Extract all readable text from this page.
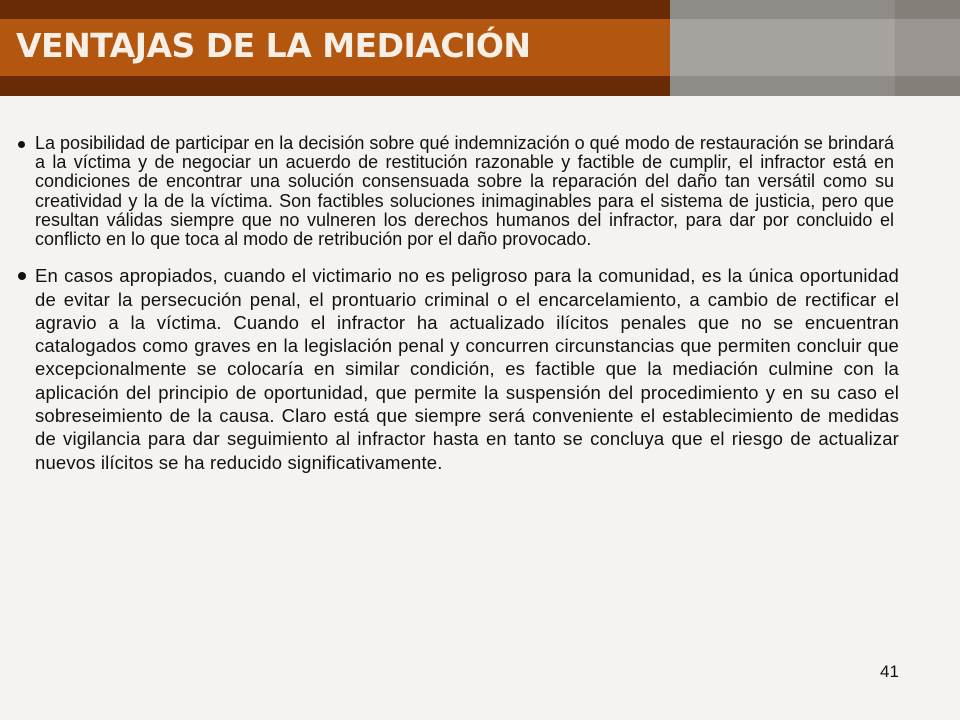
VENTAJAS DE LA MEDIACIÓN
La posibilidad de participar en la decisión sobre qué indemnización o qué modo de restauración se brindará a la víctima y de negociar un acuerdo de restitución razonable y factible de cumplir, el infractor está en condiciones de encontrar una solución consensuada sobre la reparación del daño tan versátil como su creatividad y la de la víctima. Son factibles soluciones inimaginables para el sistema de justicia, pero que resultan válidas siempre que no vulneren los derechos humanos del infractor, para dar por concluido el conflicto en lo que toca al modo de retribución por el daño provocado.
En casos apropiados, cuando el victimario no es peligroso para la comunidad, es la única oportunidad de evitar la persecución penal, el prontuario criminal o el encarcelamiento, a cambio de rectificar el agravio a la víctima. Cuando el infractor ha actualizado ilícitos penales que no se encuentran catalogados como graves en la legislación penal y concurren circunstancias que permiten concluir que excepcionalmente se colocaría en similar condición, es factible que la mediación culmine con la aplicación del principio de oportunidad, que permite la suspensión del procedimiento y en su caso el sobreseimiento de la causa. Claro está que siempre será conveniente el establecimiento de medidas de vigilancia para dar seguimiento al infractor hasta en tanto se concluya que el riesgo de actualizar nuevos ilícitos se ha reducido significativamente.
41
